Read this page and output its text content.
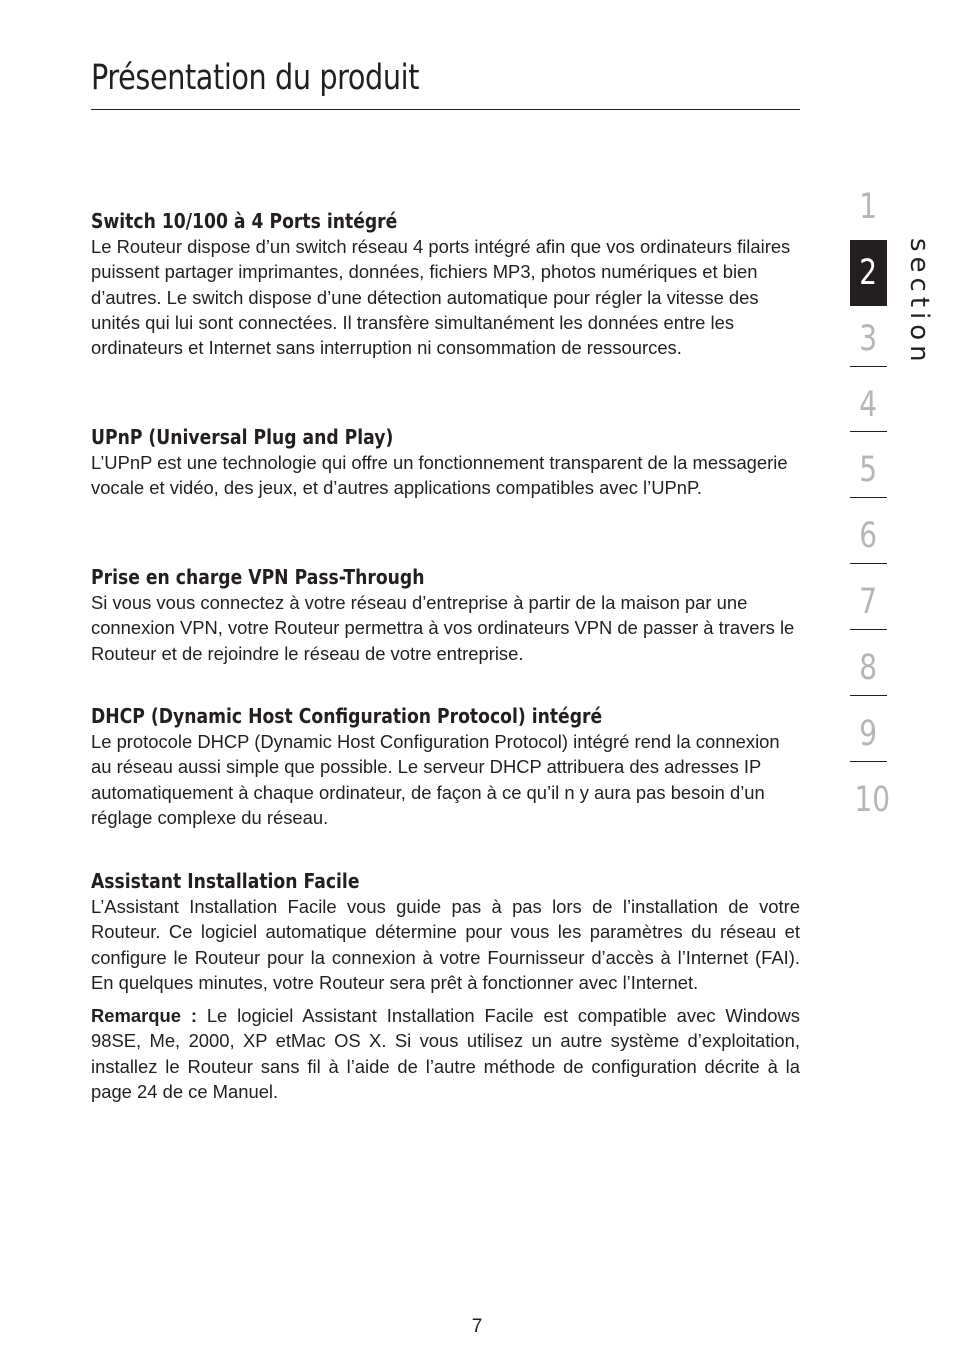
Présentation du produit
Switch 10/100 à 4 Ports intégré

Le Routeur dispose d’un switch réseau 4 ports intégré afin que vos ordinateurs filaires puissent partager imprimantes, données, fichiers MP3, photos numériques et bien d’autres. Le switch dispose d’une détection automatique pour régler la vitesse des unités qui lui sont connectées. Il transfère simultanément les données entre les ordinateurs et Internet sans interruption ni consommation de ressources.

UPnP (Universal Plug and Play)

L’UPnP est une technologie qui offre un fonctionnement transparent de la messagerie vocale et vidéo, des jeux, et d’autres applications compatibles avec l’UPnP.

Prise en charge VPN Pass-Through

Si vous vous connectez à votre réseau d’entreprise à partir de la maison par une connexion VPN, votre Routeur permettra à vos ordinateurs VPN de passer à travers le Routeur et de rejoindre le réseau de votre entreprise.

DHCP (Dynamic Host Configuration Protocol) intégré

Le protocole DHCP (Dynamic Host Configuration Protocol) intégré rend la connexion au réseau aussi simple que possible. Le serveur DHCP attribuera des adresses IP automatiquement à chaque ordinateur, de façon à ce qu’il n y aura pas besoin d’un réglage complexe du réseau.

Assistant Installation Facile

L’Assistant Installation Facile vous guide pas à pas lors de l’installation de votre Routeur. Ce logiciel automatique détermine pour vous les paramètres du réseau et configure le Routeur pour la connexion à votre Fournisseur d’accès à l’Internet (FAI). En quelques minutes, votre Routeur sera prêt à fonctionner avec l’Internet.

Remarque : Le logiciel Assistant Installation Facile est compatible avec Windows 98SE, Me, 2000, XP etMac OS X. Si vous utilisez un autre système d’exploitation, installez le Routeur sans fil à l’aide de l’autre méthode de configuration décrite à la page 24 de ce Manuel.

1
2
3
4
5
6
7
8
9
10
section
7
